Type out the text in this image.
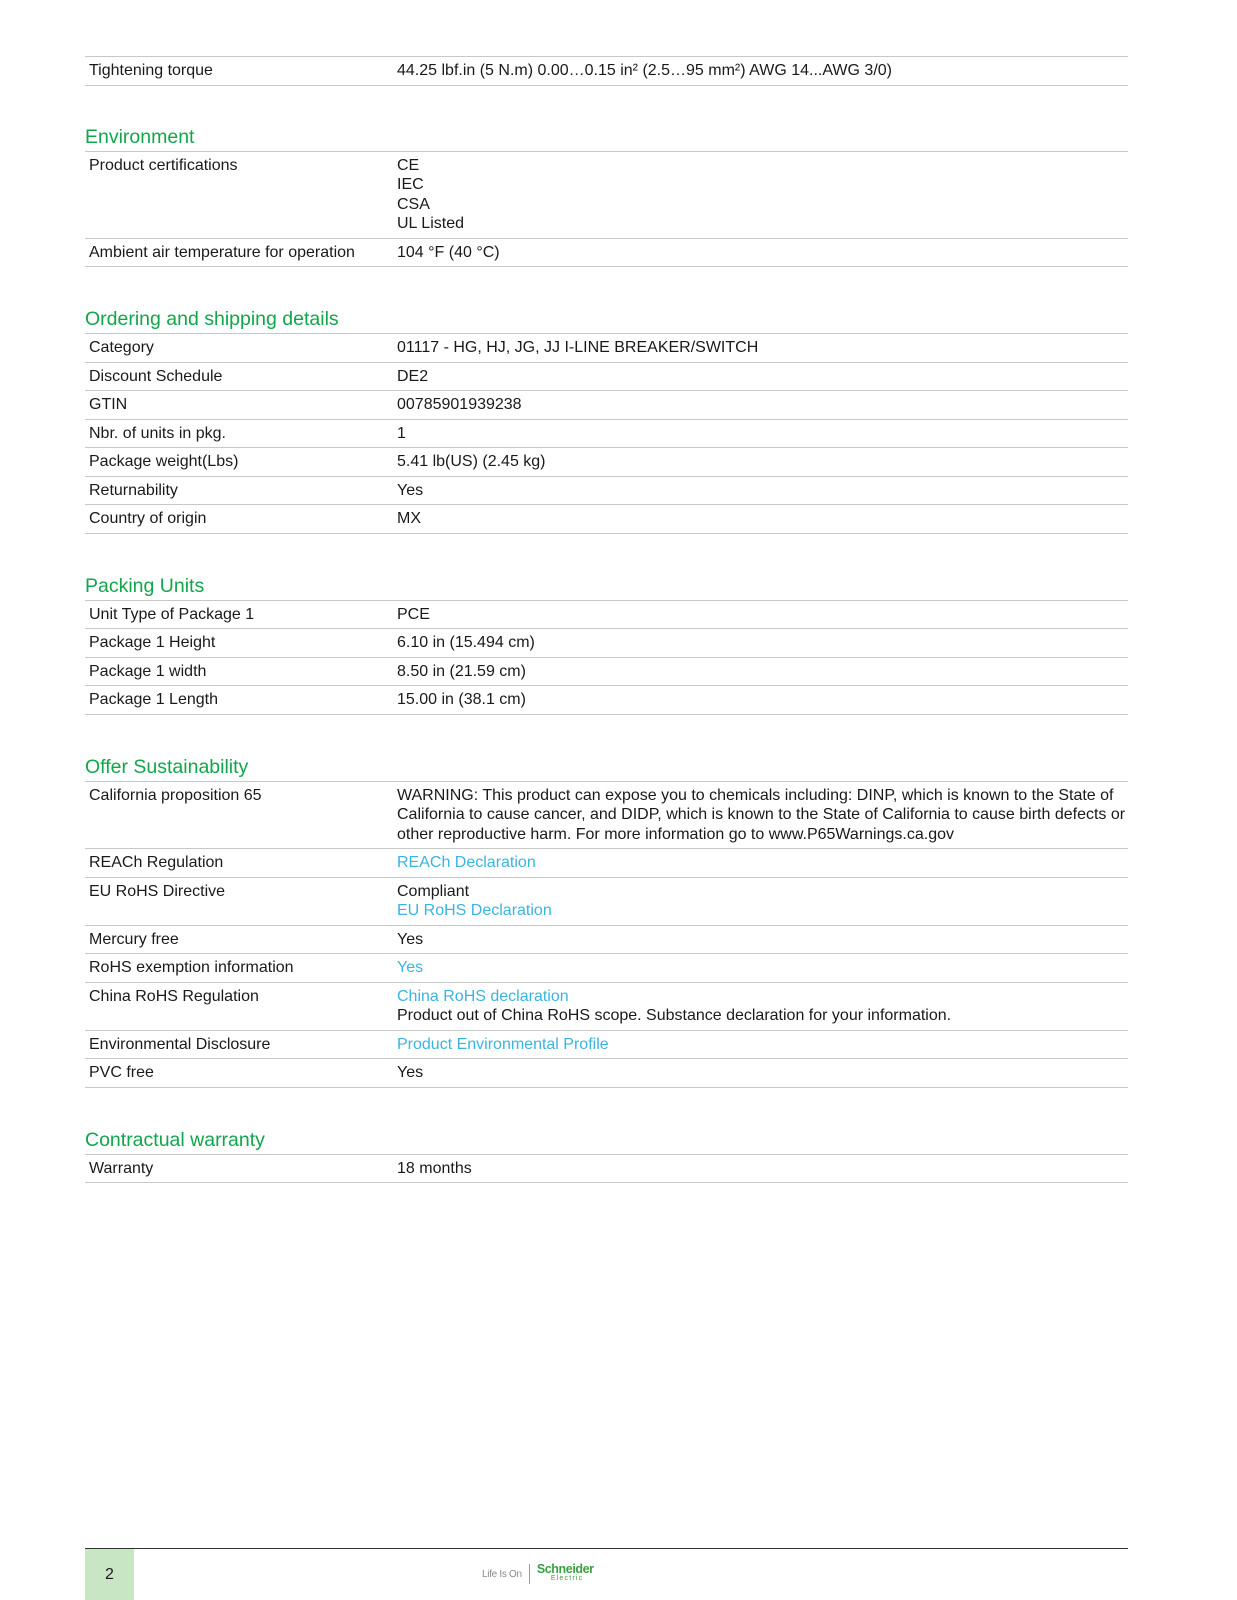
Tightening torque	44.25 lbf.in (5 N.m) 0.00…0.15 in² (2.5…95 mm²) AWG 14...AWG 3/0)
Environment
Product certifications	CE
IEC
CSA
UL Listed

Ambient air temperature for operation	104 °F (40 °C)
Ordering and shipping details
Category	01117 - HG, HJ, JG, JJ I-LINE BREAKER/SWITCH

Discount Schedule	DE2

GTIN	00785901939238

Nbr. of units in pkg.	1

Package weight(Lbs)	5.41 lb(US) (2.45 kg)

Returnability	Yes

Country of origin	MX
Packing Units
Unit Type of Package 1	PCE

Package 1 Height	6.10 in (15.494 cm)

Package 1 width	8.50 in (21.59 cm)

Package 1 Length	15.00 in (38.1 cm)
Offer Sustainability
California proposition 65	WARNING: This product can expose you to chemicals including: DINP, which is known to the State of California to cause cancer, and DIDP, which is known to the State of California to cause birth defects or other reproductive harm. For more information go to www.P65Warnings.ca.gov

REACh Regulation	REACh Declaration

EU RoHS Directive	Compliant
EU RoHS Declaration

Mercury free	Yes

RoHS exemption information	Yes

China RoHS Regulation	China RoHS declaration
Product out of China RoHS scope. Substance declaration for your information.

Environmental Disclosure	Product Environmental Profile

PVC free	Yes
Contractual warranty
Warranty	18 months
2	Life Is On Schneider
Electric
